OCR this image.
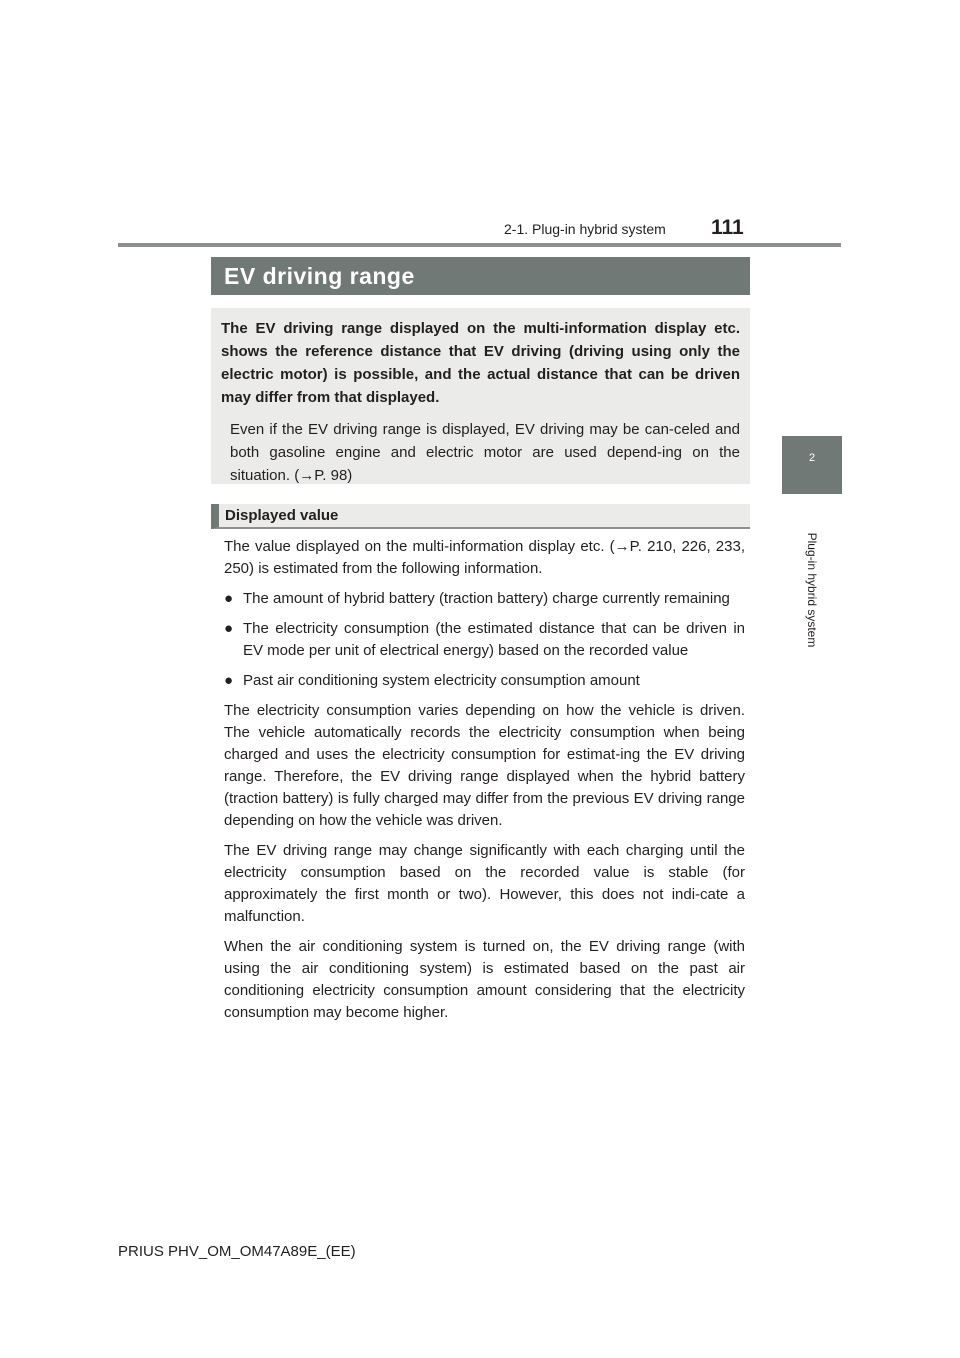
2-1. Plug-in hybrid system 111
2
Plug-in hybrid system
EV driving range

The EV driving range displayed on the multi-information display etc. shows the reference distance that EV driving (driving using only the electric motor) is possible, and the actual distance that can be driven may differ from that displayed.

Even if the EV driving range is displayed, EV driving may be can-celed and both gasoline engine and electric motor are used depend-ing on the situation. (→P. 98)

Displayed value

The value displayed on the multi-information display etc. (→P. 210, 226, 233, 250) is estimated from the following information.

● The amount of hybrid battery (traction battery) charge currently remaining
● The electricity consumption (the estimated distance that can be driven in EV mode per unit of electrical energy) based on the recorded value
● Past air conditioning system electricity consumption amount

The electricity consumption varies depending on how the vehicle is driven. The vehicle automatically records the electricity consumption when being charged and uses the electricity consumption for estimat-ing the EV driving range. Therefore, the EV driving range displayed when the hybrid battery (traction battery) is fully charged may differ from the previous EV driving range depending on how the vehicle was driven.

The EV driving range may change significantly with each charging until the electricity consumption based on the recorded value is stable (for approximately the first month or two). However, this does not indi-cate a malfunction.

When the air conditioning system is turned on, the EV driving range (with using the air conditioning system) is estimated based on the past air conditioning electricity consumption amount considering that the electricity consumption may become higher.

PRIUS PHV_OM_OM47A89E_(EE)
